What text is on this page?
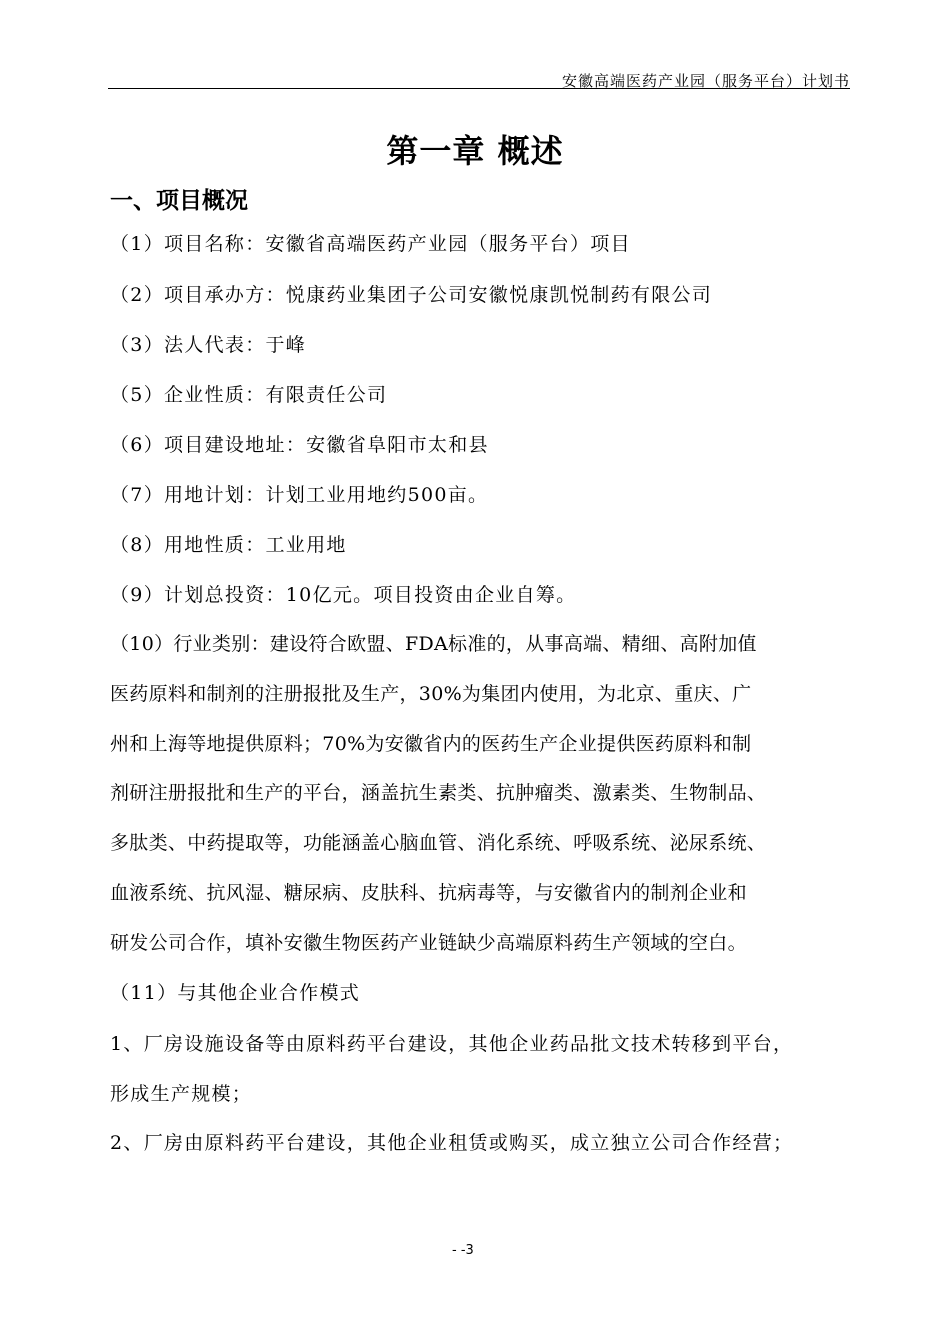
安徽高端医药产业园（服务平台）计划书
第一章 概述
一、项目概况
（1）项目名称：安徽省高端医药产业园（服务平台）项目
（2）项目承办方：悦康药业集团子公司安徽悦康凯悦制药有限公司
（3）法人代表：于峰
（5）企业性质：有限责任公司
（6）项目建设地址：安徽省阜阳市太和县
（7）用地计划：计划工业用地约500亩。
（8）用地性质：工业用地
（9）计划总投资：10亿元。项目投资由企业自筹。
（10）行业类别：建设符合欧盟、FDA标准的，从事高端、精细、高附加值
医药原料和制剂的注册报批及生产，30%为集团内使用，为北京、重庆、广
州和上海等地提供原料；70%为安徽省内的医药生产企业提供医药原料和制
剂研注册报批和生产的平台，涵盖抗生素类、抗肿瘤类、激素类、生物制品、
多肽类、中药提取等，功能涵盖心脑血管、消化系统、呼吸系统、泌尿系统、
血液系统、抗风湿、糖尿病、皮肤科、抗病毒等，与安徽省内的制剂企业和
研发公司合作，填补安徽生物医药产业链缺少高端原料药生产领域的空白。
（11）与其他企业合作模式
1、厂房设施设备等由原料药平台建设，其他企业药品批文技术转移到平台，
形成生产规模；
2、厂房由原料药平台建设，其他企业租赁或购买，成立独立公司合作经营；
- -3
